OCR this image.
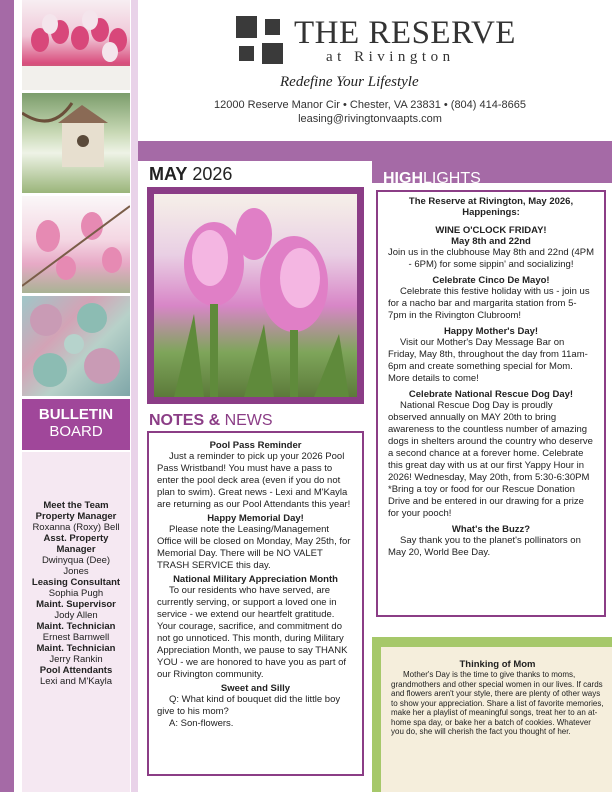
BULLETIN
BOARD
Meet the Team
Property Manager
Roxanna (Roxy) Bell
Asst. Property Manager
Dwinyqua (Dee) Jones
Leasing Consultant
Sophia Pugh
Maint. Supervisor
Jody Allen
Maint. Technician
Ernest Barnwell
Maint. Technician
Jerry Rankin
Pool Attendants
Lexi and M'Kayla
THE RESERVE
at Rivington
Redefine Your Lifestyle
12000 Reserve Manor Cir • Chester, VA 23831 • (804) 414-8665
leasing@rivingtonvaapts.com
MAY 2026	HIGHLIGHTS
NOTES & NEWS

Pool Pass Reminder

Just a reminder to pick up your 2026 Pool Pass Wristband! You must have a pass to enter the pool deck area (even if you do not plan to swim). Great news - Lexi and M'Kayla are returning as our Pool Attendants this year!

Happy Memorial Day!

Please note the Leasing/Management Office will be closed on Monday, May 25th, for Memorial Day. There will be NO VALET TRASH SERVICE this day.

National Military Appreciation Month

To our residents who have served, are currently serving, or support a loved one in service - we extend our heartfelt gratitude. Your courage, sacrifice, and commitment do not go unnoticed. This month, during Military Appreciation Month, we pause to say THANK YOU - we are honored to have you as part of our Rivington community.

Sweet and Silly

Q: What kind of bouquet did the little boy give to his mom?

A: Son-flowers.

The Reserve at Rivington, May 2026, Happenings:

WINE O'CLOCK FRIDAY!

May 8th and 22nd

Join us in the clubhouse May 8th and 22nd (4PM - 6PM) for some sippin' and socializing!

Celebrate Cinco De Mayo!

Celebrate this festive holiday with us - join us for a nacho bar and margarita station from 5-7pm in the Rivington Clubroom!

Happy Mother's Day!

Visit our Mother's Day Message Bar on Friday, May 8th, throughout the day from 11am-6pm and create something special for Mom. More details to come!

Celebrate National Rescue Dog Day!

National Rescue Dog Day is proudly observed annually on MAY 20th to bring awareness to the countless number of amazing dogs in shelters around the country who deserve a second chance at a forever home. Celebrate this great day with us at our first Yappy Hour in 2026! Wednesday, May 20th, from 5:30-6:30PM *Bring a toy or food for our Rescue Donation Drive and be entered in our drawing for a prize for your pooch!

What's the Buzz?

Say thank you to the planet's pollinators on May 20, World Bee Day.

Thinking of Mom

Mother's Day is the time to give thanks to moms, grandmothers and other special women in our lives. If cards and flowers aren't your style, there are plenty of other ways to show your appreciation. Share a list of favorite memories, make her a playlist of meaningful songs, treat her to an at-home spa day, or bake her a batch of cookies. Whatever you do, she will cherish the fact you thought of her.
